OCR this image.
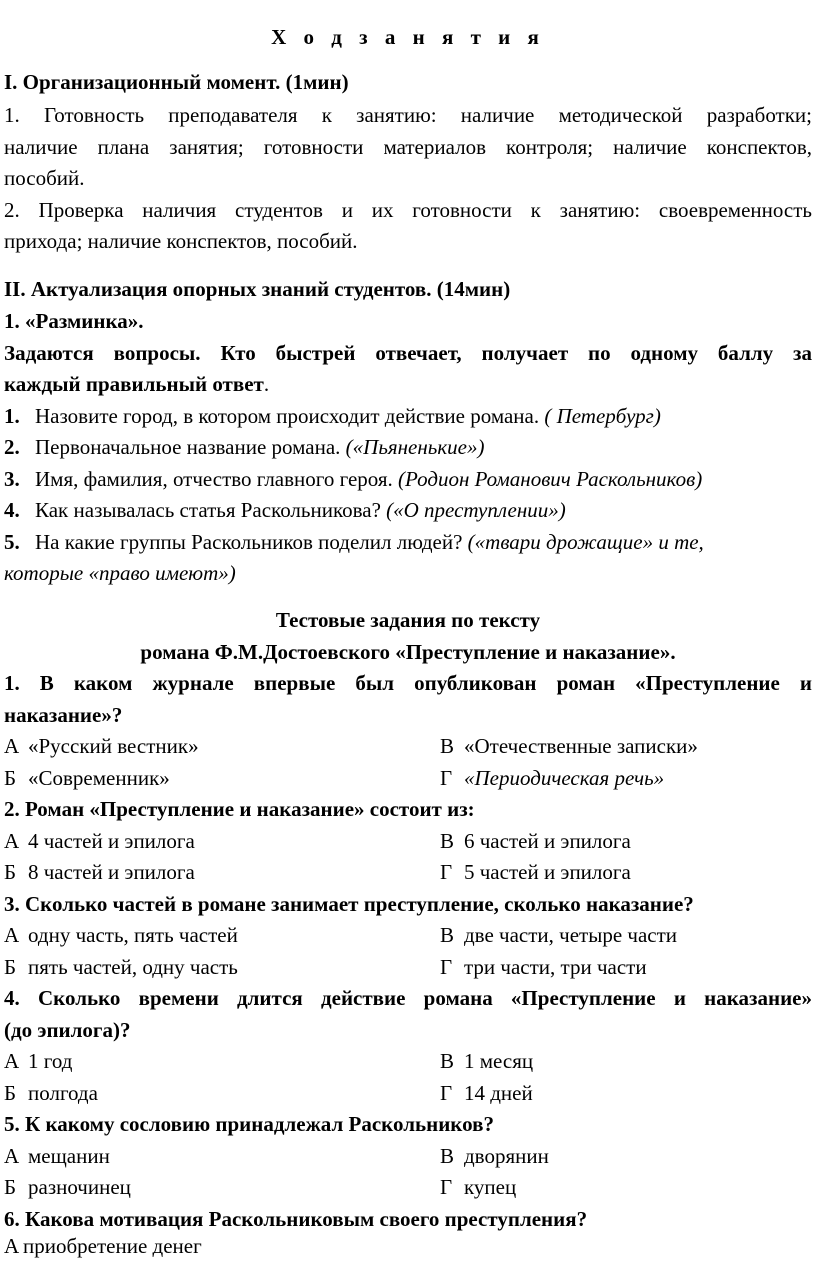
Х о д з а н я т и я
I. Организационный момент. (1мин)
1. Готовность преподавателя к занятию: наличие методической разработки;
наличие плана занятия; готовности материалов контроля; наличие конспектов,
пособий.
2. Проверка наличия студентов и их готовности к занятию: своевременность
прихода; наличие конспектов, пособий.
II. Актуализация опорных знаний студентов. (14мин)
1. «Разминка».
Задаются вопросы. Кто быстрей отвечает, получает по одному баллу за
каждый правильный ответ.
1. Назовите город, в котором происходит действие романа. ( Петербург)
2. Первоначальное название романа. («Пьяненькие»)
3. Имя, фамилия, отчество главного героя. (Родион Романович Раскольников)
4. Как называлась статья Раскольникова? («О преступлении»)
5. На какие группы Раскольников поделил людей? («твари дрожащие» и те,
которые «право имеют»)
Тестовые задания по тексту
романа Ф.М.Достоевского «Преступление и наказание».
1. В каком журнале впервые был опубликован роман «Преступление и
наказание»?
А «Русский вестник»	В «Отечественные записки»
Б «Современник»	Г «Периодическая речь»
2. Роман «Преступление и наказание» состоит из:
А 4 частей и эпилога	В 6 частей и эпилога
Б 8 частей и эпилога	Г 5 частей и эпилога
3. Сколько частей в романе занимает преступление, сколько наказание?
А одну часть, пять частей	В две части, четыре части
Б пять частей, одну часть	Г три части, три части
4. Сколько времени длится действие романа «Преступление и наказание»
(до эпилога)?
А 1 год	В 1 месяц
Б полгода	Г 14 дней
5. К какому сословию принадлежал Раскольников?
А мещанин	В дворянин
Б разночинец	Г купец
6. Какова мотивация Раскольниковым своего преступления?
А приобретение денег
